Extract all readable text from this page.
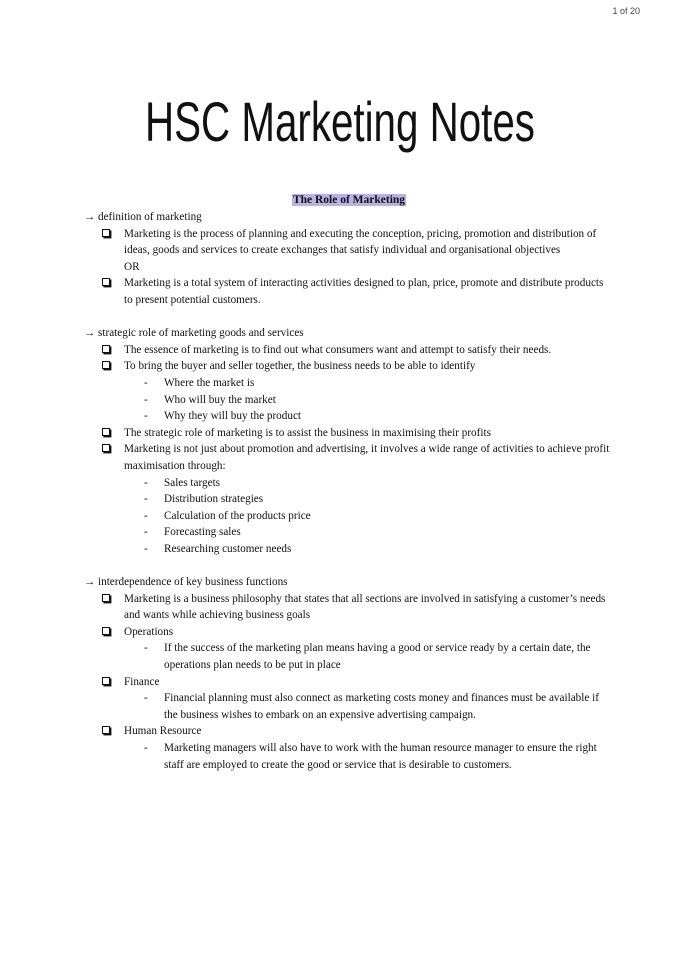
1 of 20
HSC Marketing Notes
The Role of Marketing
→ definition of marketing
Marketing is the process of planning and executing the conception, pricing, promotion and distribution of ideas, goods and services to create exchanges that satisfy individual and organisational objectives
OR
Marketing is a total system of interacting activities designed to plan, price, promote and distribute products to present potential customers.
→ strategic role of marketing goods and services
The essence of marketing is to find out what consumers want and attempt to satisfy their needs.
To bring the buyer and seller together, the business needs to be able to identify
- Where the market is
- Who will buy the market
- Why they will buy the product
The strategic role of marketing is to assist the business in maximising their profits
Marketing is not just about promotion and advertising, it involves a wide range of activities to achieve profit maximisation through:
- Sales targets
- Distribution strategies
- Calculation of the products price
- Forecasting sales
- Researching customer needs
→ interdependence of key business functions
Marketing is a business philosophy that states that all sections are involved in satisfying a customer’s needs and wants while achieving business goals
Operations
- If the success of the marketing plan means having a good or service ready by a certain date, the operations plan needs to be put in place
Finance
- Financial planning must also connect as marketing costs money and finances must be available if the business wishes to embark on an expensive advertising campaign.
Human Resource
- Marketing managers will also have to work with the human resource manager to ensure the right staff are employed to create the good or service that is desirable to customers.
